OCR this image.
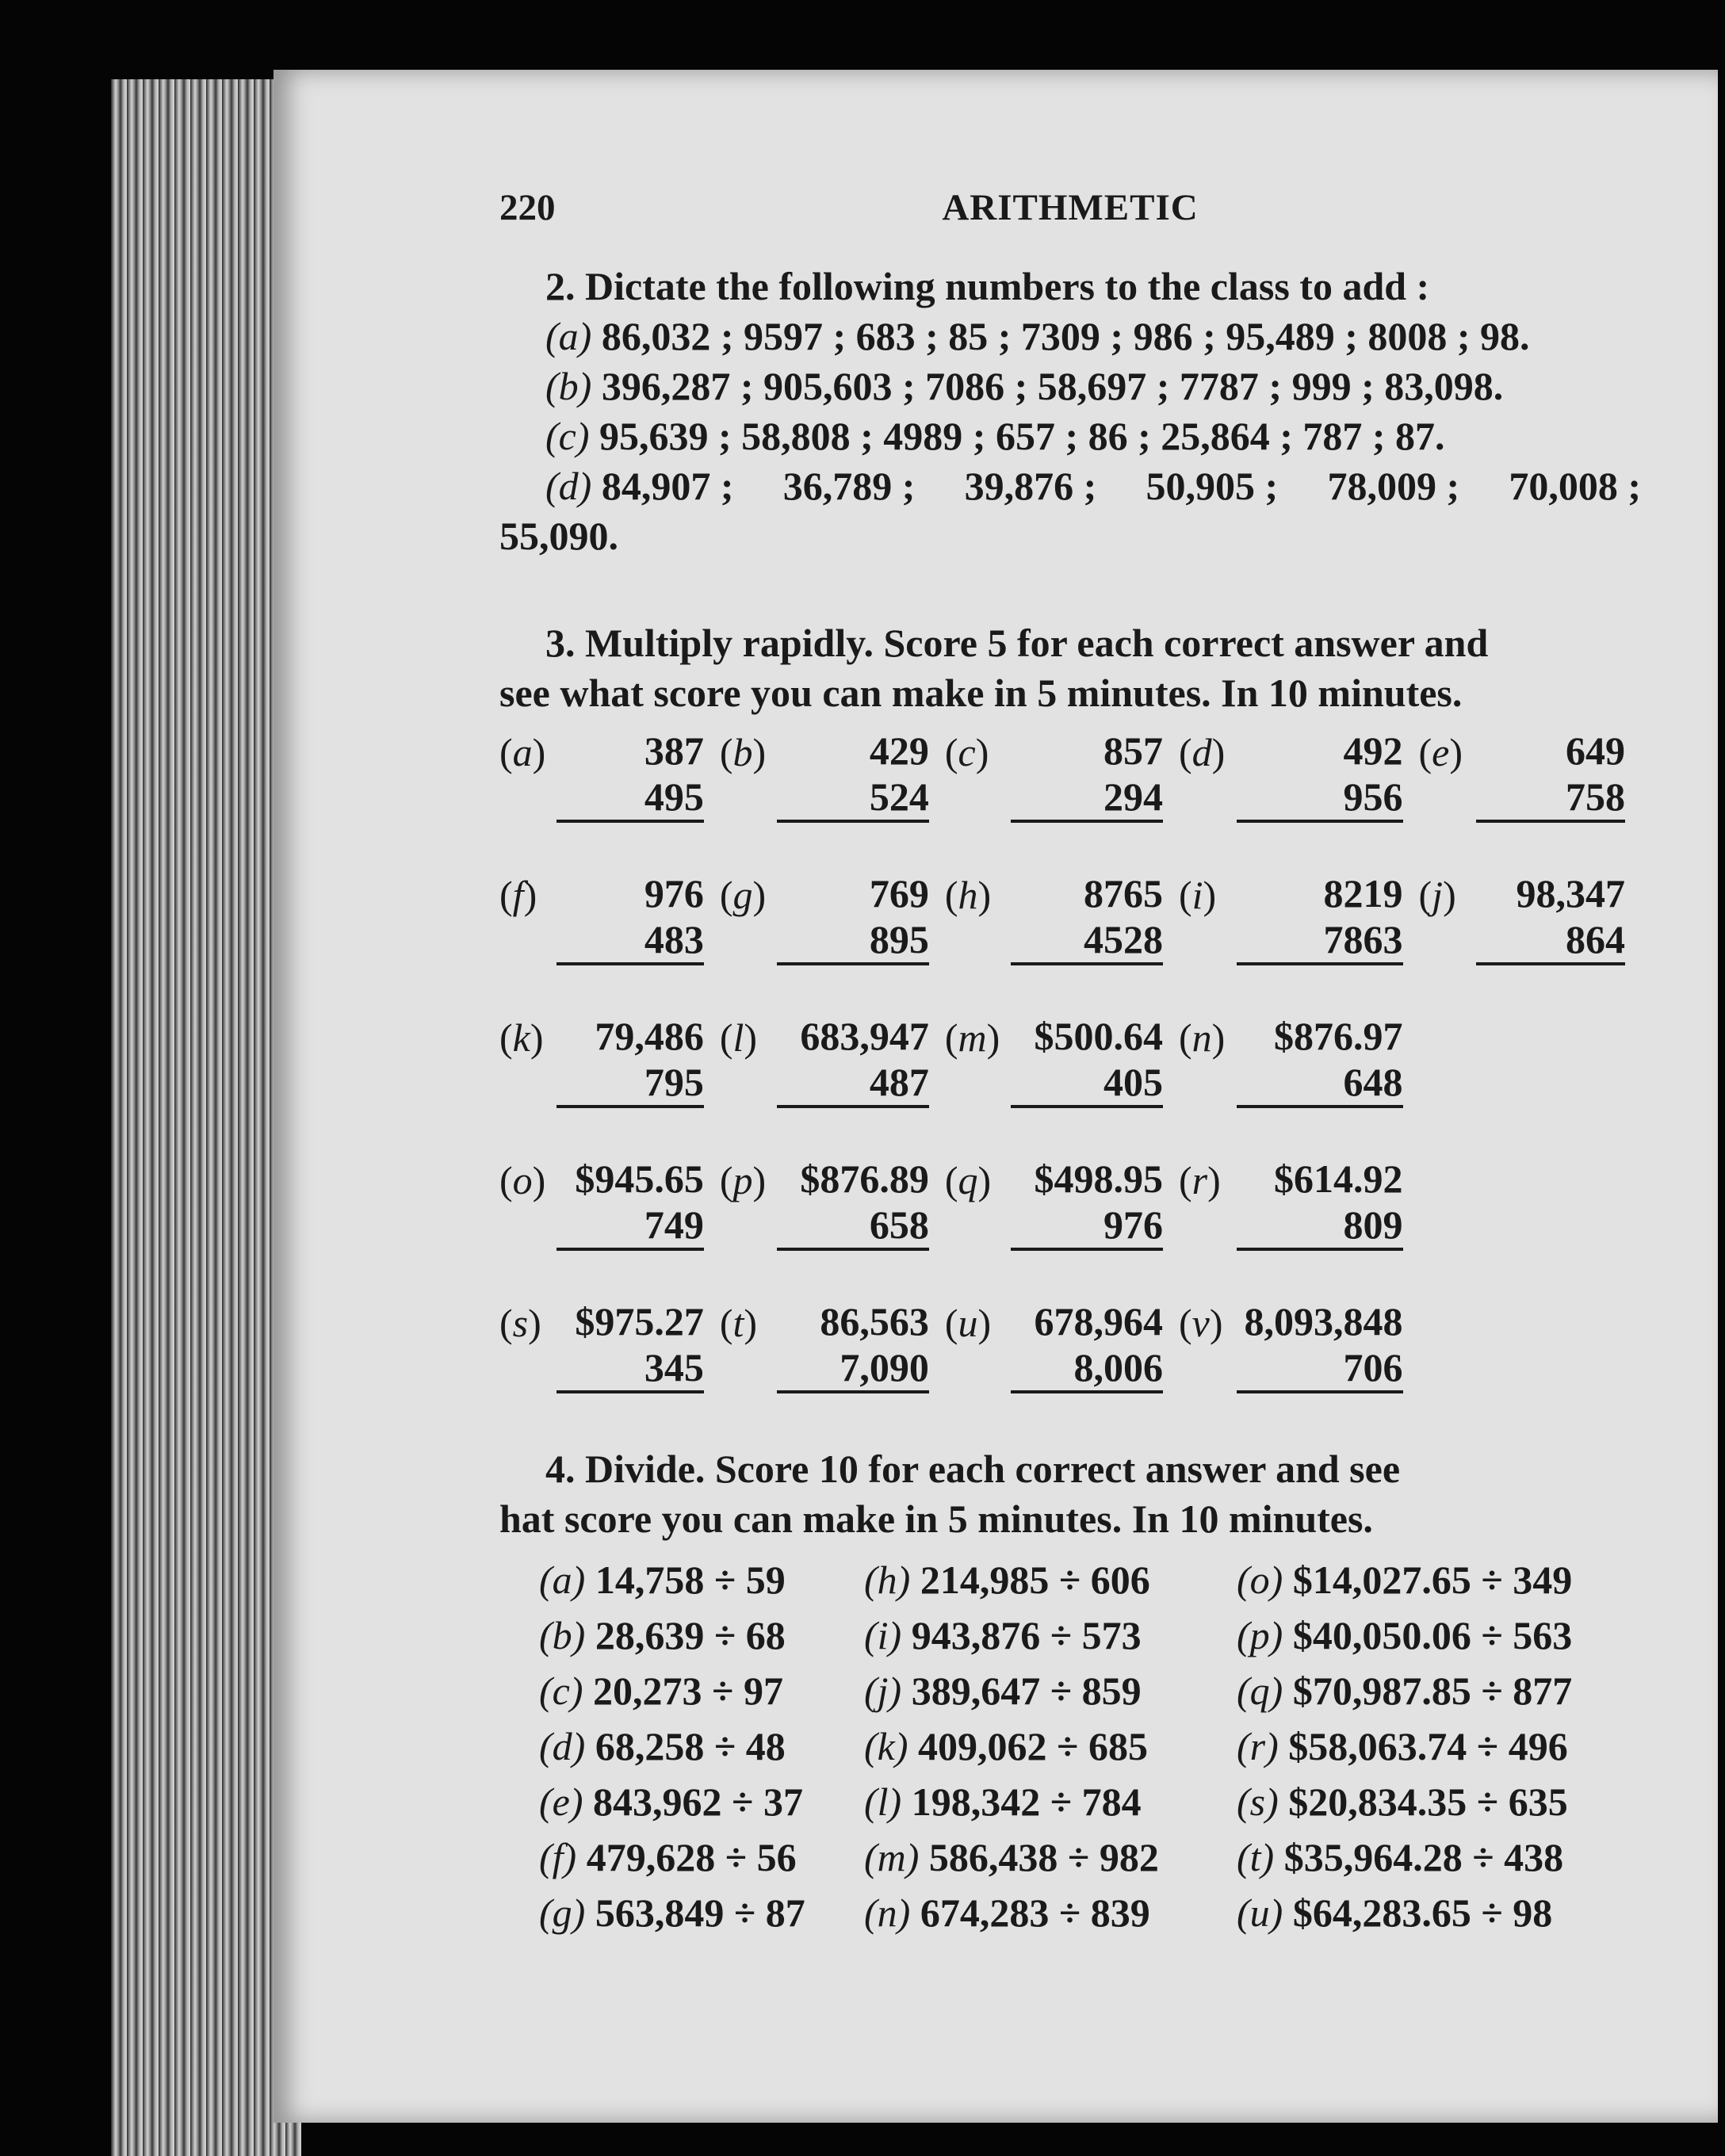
220	ARITHMETIC
2. Dictate the following numbers to the class to add :
(a) 86,032 ; 9597 ; 683 ; 85 ; 7309 ; 986 ; 95,489 ; 8008 ; 98.
(b) 396,287 ; 905,603 ; 7086 ; 58,697 ; 7787 ; 999 ; 83,098.
(c) 95,639 ; 58,808 ; 4989 ; 657 ; 86 ; 25,864 ; 787 ; 87.
(d) 84,907 ; 36,789 ; 39,876 ; 50,905 ; 78,009 ; 70,008 ;
55,090.
3. Multiply rapidly. Score 5 for each correct answer and
see what score you can make in 5 minutes. In 10 minutes.
(a)	387	(b)	429	(c)	857	(d)	492	(e)	649

	495		524		294		956		758

(f)	976	(g)	769	(h)	8765	(i)	8219	(j)	98,347

	483		895		4528		7863		864

(k)	79,486	(l)	683,947	(m)	$500.64	(n)	$876.97		

	795		487		405		648		

(o)	$945.65	(p)	$876.89	(q)	$498.95	(r)	$614.92		

	749		658		976		809		

(s)	$975.27	(t)	86,563	(u)	678,964	(v)	8,093,848		

	345		7,090		8,006		706		
4. Divide. Score 10 for each correct answer and see
hat score you can make in 5 minutes. In 10 minutes.
(a) 14,758 ÷ 59	(h) 214,985 ÷ 606	(o) $14,027.65 ÷ 349
(b) 28,639 ÷ 68	(i) 943,876 ÷ 573	(p) $40,050.06 ÷ 563
(c) 20,273 ÷ 97	(j) 389,647 ÷ 859	(q) $70,987.85 ÷ 877
(d) 68,258 ÷ 48	(k) 409,062 ÷ 685	(r) $58,063.74 ÷ 496
(e) 843,962 ÷ 37	(l) 198,342 ÷ 784	(s) $20,834.35 ÷ 635
(f) 479,628 ÷ 56	(m) 586,438 ÷ 982	(t) $35,964.28 ÷ 438
(g) 563,849 ÷ 87	(n) 674,283 ÷ 839	(u) $64,283.65 ÷ 98
